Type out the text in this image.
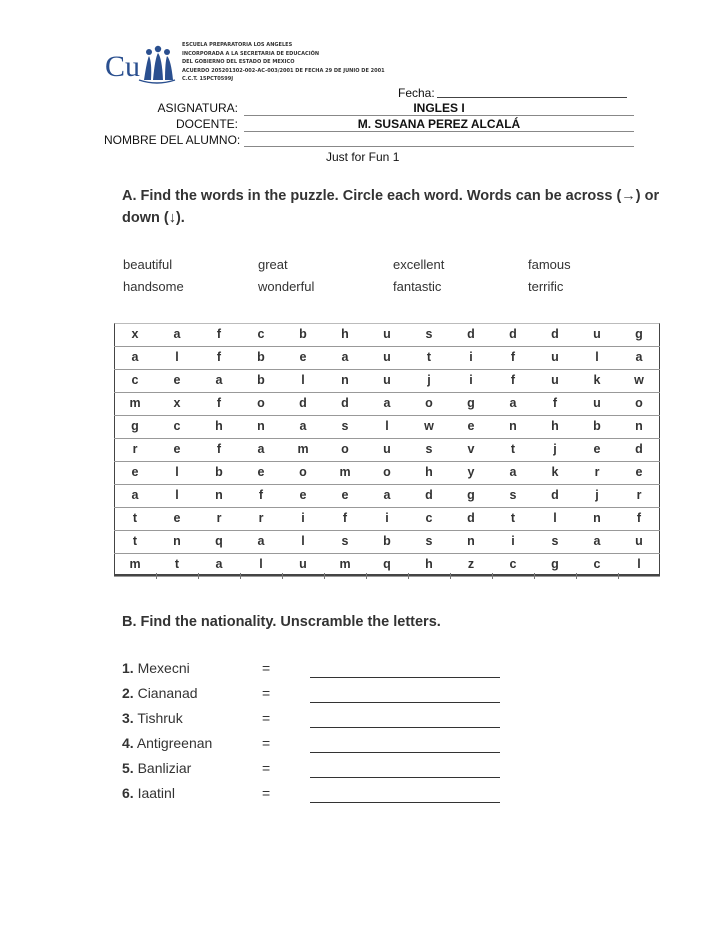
Cu
ESCUELA PREPARATORIA LOS ANGELES
INCORPORADA A LA SECRETARIA DE EDUCACIÓN
DEL GOBIERNO DEL ESTADO DE MEXICO
ACUERDO 205201302-002-AC-003/2001 DE FECHA 29 DE JUNIO DE 2001
C.C.T. 15PCT0599J
Fecha:
ASIGNATURA:	INGLES I
DOCENTE:	M. SUSANA PEREZ ALCALÁ
NOMBRE DEL ALUMNO:
Just for Fun 1
A. Find the words in the puzzle. Circle each word. Words can be across (→) or
down (↓).
beautiful	great	excellent	famous
handsome	wonderful	fantastic	terrific
x	a	f	c	b	h	u	s	d	d	d	u	g
a	l	f	b	e	a	u	t	i	f	u	l	a
c	e	a	b	l	n	u	j	i	f	u	k	w
m	x	f	o	d	d	a	o	g	a	f	u	o
g	c	h	n	a	s	l	w	e	n	h	b	n
r	e	f	a	m	o	u	s	v	t	j	e	d
e	l	b	e	o	m	o	h	y	a	k	r	e
a	l	n	f	e	e	a	d	g	s	d	j	r
t	e	r	r	i	f	i	c	d	t	l	n	f
t	n	q	a	l	s	b	s	n	i	s	a	u
m	t	a	l	u	m	q	h	z	c	g	c	l
B. Find the nationality. Unscramble the letters.
1. Mexecni	=
2. Ciananad	=
3. Tishruk	=
4. Antigreenan	=
5. Banliziar	=
6. Iaatinl	=
